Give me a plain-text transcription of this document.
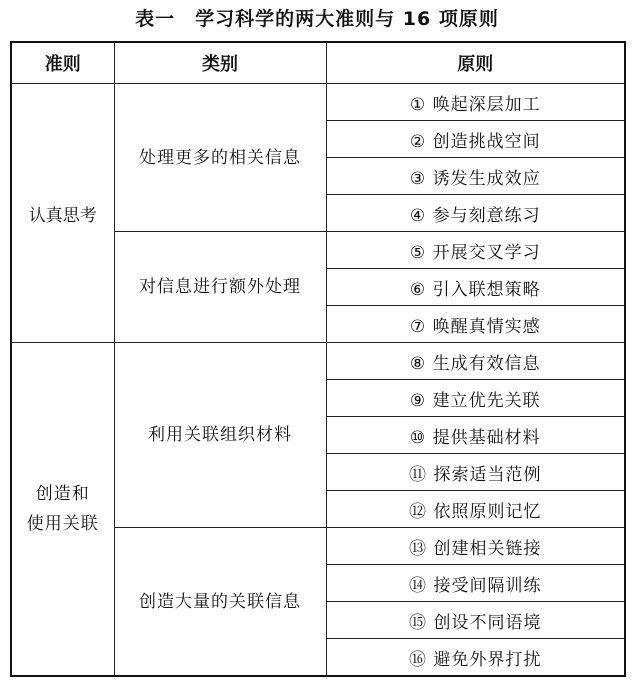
表一　学习科学的两大准则与 16 项原则
准则	类别	原则
认真思考	处理更多的相关信息	① 唤起深层加工
		② 创造挑战空间
		③ 诱发生成效应
		④ 参与刻意练习
	对信息进行额外处理	⑤ 开展交叉学习
		⑥ 引入联想策略
		⑦ 唤醒真情实感
创造和
使用关联	利用关联组织材料	⑧ 生成有效信息
		⑨ 建立优先关联
		⑩ 提供基础材料
		⑪ 探索适当范例
		⑫ 依照原则记忆
	创造大量的关联信息	⑬ 创建相关链接
		⑭ 接受间隔训练
		⑮ 创设不同语境
		⑯ 避免外界打扰
